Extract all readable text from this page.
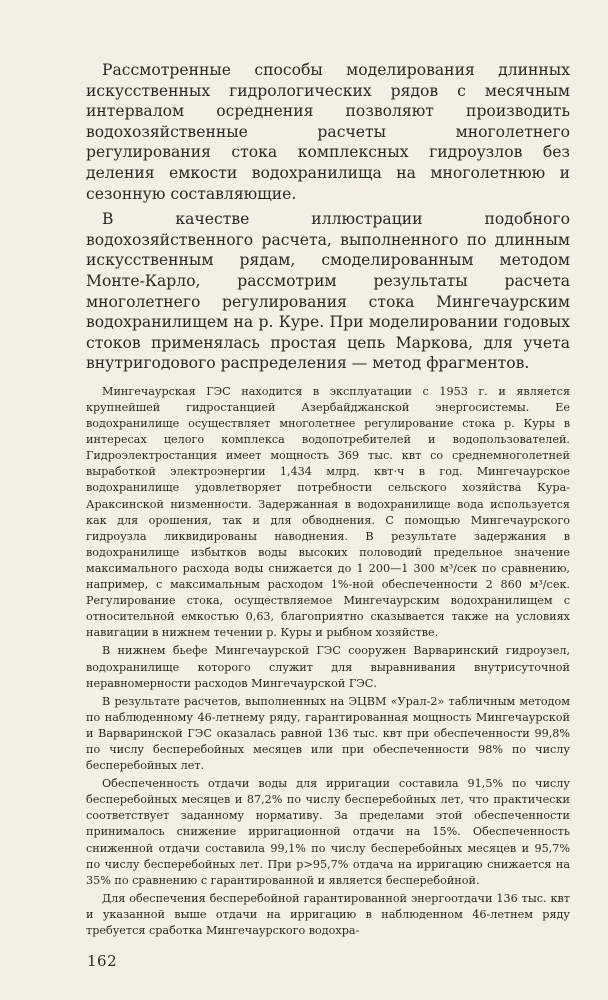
Рассмотренные способы моделирования длинных искусственных гидрологических рядов с месячным интервалом осреднения позволяют производить водохозяйственные расчеты многолетнего регулирования стока комплексных гидроузлов без деления емкости водохранилища на многолетнюю и сезонную составляющие.

В качестве иллюстрации подобного водохозяйственного расчета, выполненного по длинным искусственным рядам, смоделированным методом Монте-Карло, рассмотрим результаты расчета многолетнего регулирования стока Мингечаурским водохранилищем на р. Куре. При моделировании годовых стоков применялась простая цепь Маркова, для учета внутригодового распределения — метод фрагментов.

Мингечаурская ГЭС находится в эксплуатации с 1953 г. и является крупнейшей гидростанцией Азербайджанской энергосистемы. Ее водохранилище осуществляет многолетнее регулирование стока р. Куры в интересах целого комплекса водопотребителей и водопользователей. Гидроэлектростанция имеет мощность 369 тыс. квт со среднемноголетней выработкой электроэнергии 1,434 млрд. квт·ч в год. Мингечаурское водохранилище удовлетворяет потребности сельского хозяйства Кура-Араксинской низменности. Задержанная в водохранилище вода используется как для орошения, так и для обводнения. С помощью Мингечаурского гидроузла ликвидированы наводнения. В результате задержания в водохранилище избытков воды высоких половодий предельное значение максимального расхода воды снижается до 1 200—1 300 м³/сек по сравнению, например, с максимальным расходом 1%-ной обеспеченности 2 860 м³/сек. Регулирование стока, осуществляемое Мингечаурским водохранилищем с относительной емкостью 0,63, благоприятно сказывается также на условиях навигации в нижнем течении р. Куры и рыбном хозяйстве.

В нижнем бьефе Мингечаурской ГЭС сооружен Варваринский гидроузел, водохранилище которого служит для выравнивания внутрисуточной неравномерности расходов Мингечаурской ГЭС.

В результате расчетов, выполненных на ЭЦВМ «Урал-2» табличным методом по наблюденному 46-летнему ряду, гарантированная мощность Мингечаурской и Варваринской ГЭС оказалась равной 136 тыс. квт при обеспеченности 99,8% по числу бесперебойных месяцев или при обеспеченности 98% по числу бесперебойных лет.

Обеспеченность отдачи воды для ирригации составила 91,5% по числу бесперебойных месяцев и 87,2% по числу бесперебойных лет, что практически соответствует заданному нормативу. За пределами этой обеспеченности принималось снижение ирригационной отдачи на 15%. Обеспеченность сниженной отдачи составила 99,1% по числу бесперебойных месяцев и 95,7% по числу бесперебойных лет. При p>95,7% отдача на ирригацию снижается на 35% по сравнению с гарантированной и является бесперебойной.

Для обеспечения бесперебойной гарантированной энергоотдачи 136 тыс. квт и указанной выше отдачи на ирригацию в наблюденном 46-летнем ряду требуется сработка Мингечаурского водохра-

162
